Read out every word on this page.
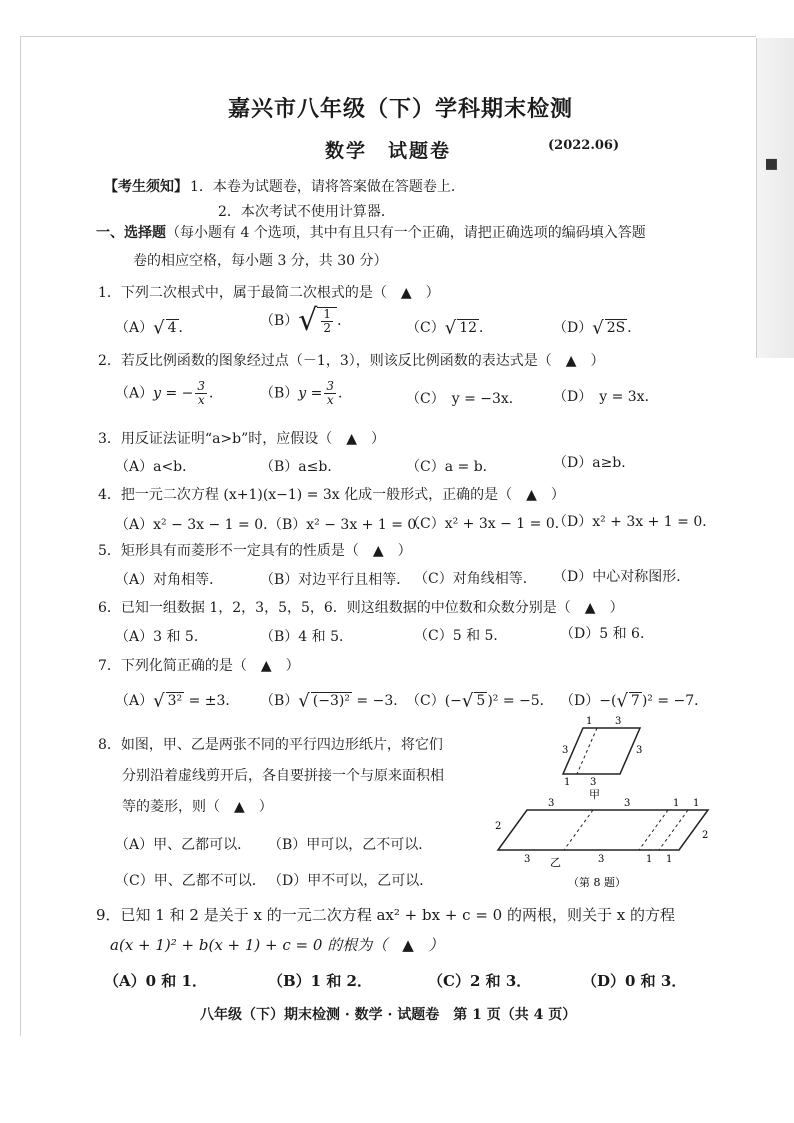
▪
嘉兴市八年级（下）学科期末检测
数学　试题卷	(2022.06)
【考生须知】 1．本卷为试题卷，请将答案做在答题卷上．
2．本次考试不使用计算器．
一、选择题（每小题有 4 个选项，其中有且只有一个正确，请把正确选项的编码填入答题
卷的相应空格，每小题 3 分，共 30 分）
1．下列二次根式中，属于最简二次根式的是（　▲　）
（A）√ 4 ．	$(B)√ \frac{1}{2}$ ．	（C）√ 12 ．	（D）√ 2S ．
2．若反比例函数的图象经过点（－1，3），则该反比例函数的表达式是（　▲　）
（A）y = − $\frac{3}{x}$ ．	$(B)y = \frac{3}{x}$ ．	（C）　y = −3x． （D）　y = 3x．
3．用反证法证明“a>b”时，应假设（　▲　）
（A）a<b．	（B）a≤b．	（C）a = b．	（D）a≥b．
4．把一元二次方程 (x+1)(x−1) = 3x 化成一般形式，正确的是（　▲　）
（A）x² − 3x − 1 = 0．
（B）x² − 3x + 1 = 0．
（C）x² + 3x − 1 = 0．
（D）x² + 3x + 1 = 0．
5．矩形具有而菱形不一定具有的性质是（　▲　）
（A）对角相等．	（B）对边平行且相等． （C）对角线相等． （D）中心对称图形．
6．已知一组数据 1，2，3，5，5，6．则这组数据的中位数和众数分别是（　▲　）
（A）3 和 5．	（B）4 和 5．	（C）5 和 5．	（D）5 和 6．
7．下列化简正确的是（　▲　）
（A）√ 3² = ±3． （B）√ (−3)² = −3．
（C）(−√ 5 )² = −5． （D）−(√ 7 )² = −7．
8．如图，甲、乙是两张不同的平行四边形纸片，将它们
分别沿着虚线剪开后，各自要拼接一个与原来面积相
等的菱形，则（　▲　）
（A）甲、乙都可以． （B）甲可以，乙不可以．
（C）甲、乙都不可以． （D）甲不可以，乙可以．
1 3
3	3
1 3
甲
3	3	1 1
2
2
3	3	1 1
乙
（第 8 题）
9．已知 1 和 2 是关于 x 的一元二次方程 ax² + bx + c = 0 的两根，则关于 x 的方程
a(x + 1)² + b(x + 1) + c = 0 的根为（　▲　）
（A）0 和 1．	（B）1 和 2．	（C）2 和 3．	（D）0 和 3．
八年级（下）期末检测 · 数学 · 试题卷　第 1 页（共 4 页）
